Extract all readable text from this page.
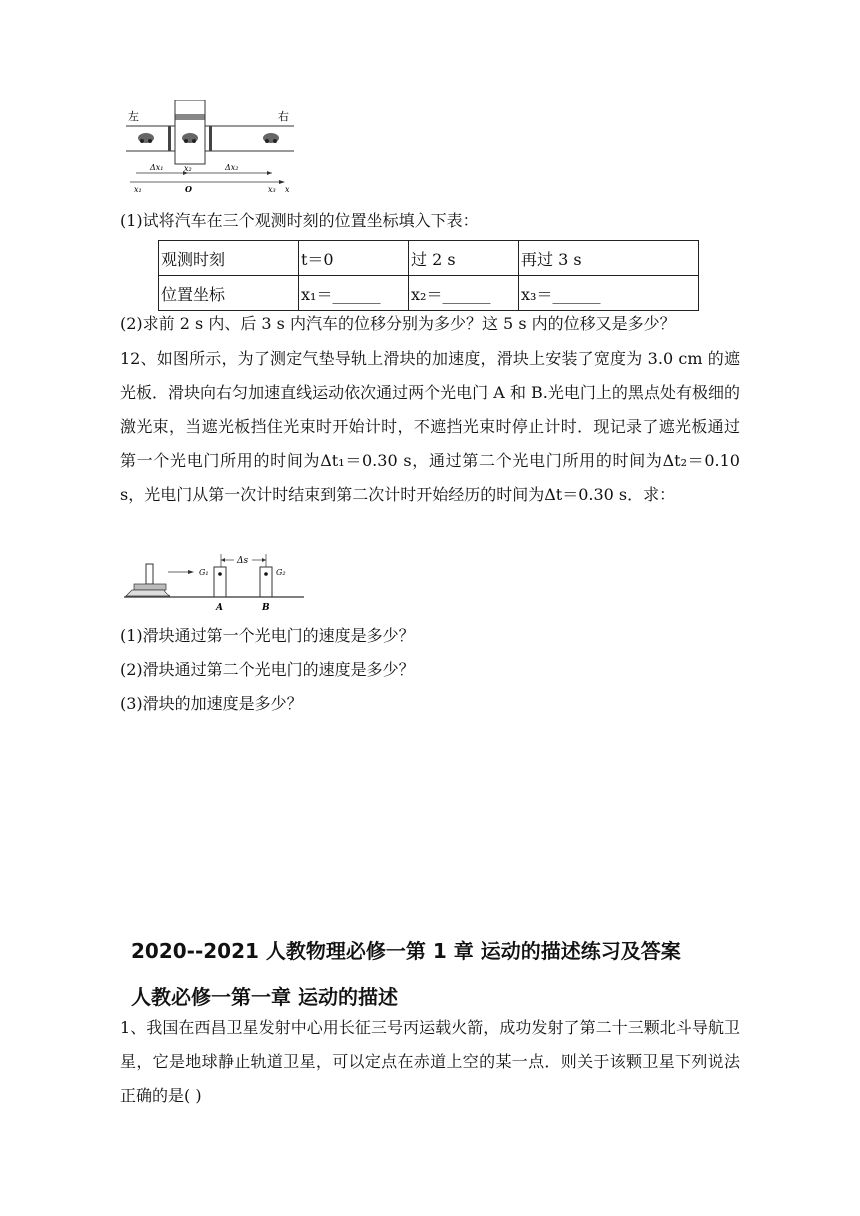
左	右
Δx₁	x₂	Δx₂
x₁	O	x₃ x
(1)试将汽车在三个观测时刻的位置坐标填入下表：
观测时刻	t＝0	过 2 s	再过 3 s
位置坐标	x₁＝______	x₂＝______	x₃＝______
(2)求前 2 s 内、后 3 s 内汽车的位移分别为多少？这 5 s 内的位移又是多少？

12、如图所示，为了测定气垫导轨上滑块的加速度，滑块上安装了宽度为 3.0 cm 的遮光板．滑块向右匀加速直线运动依次通过两个光电门 A 和 B.光电门上的黑点处有极细的激光束，当遮光板挡住光束时开始计时，不遮挡光束时停止计时．现记录了遮光板通过第一个光电门所用的时间为Δt₁＝0.30 s，通过第二个光电门所用的时间为Δt₂＝0.10 s，光电门从第一次计时结束到第二次计时开始经历的时间为Δt＝0.30 s．求：

Δs
G₁
A
G₂
B
(1)滑块通过第一个光电门的速度是多少？
(2)滑块通过第二个光电门的速度是多少？
(3)滑块的加速度是多少？
2020--2021 人教物理必修一第 1 章 运动的描述练习及答案
人教必修一第一章 运动的描述

1、我国在西昌卫星发射中心用长征三号丙运载火箭，成功发射了第二十三颗北斗导航卫星，它是地球静止轨道卫星，可以定点在赤道上空的某一点．则关于该颗卫星下列说法正确的是( )
